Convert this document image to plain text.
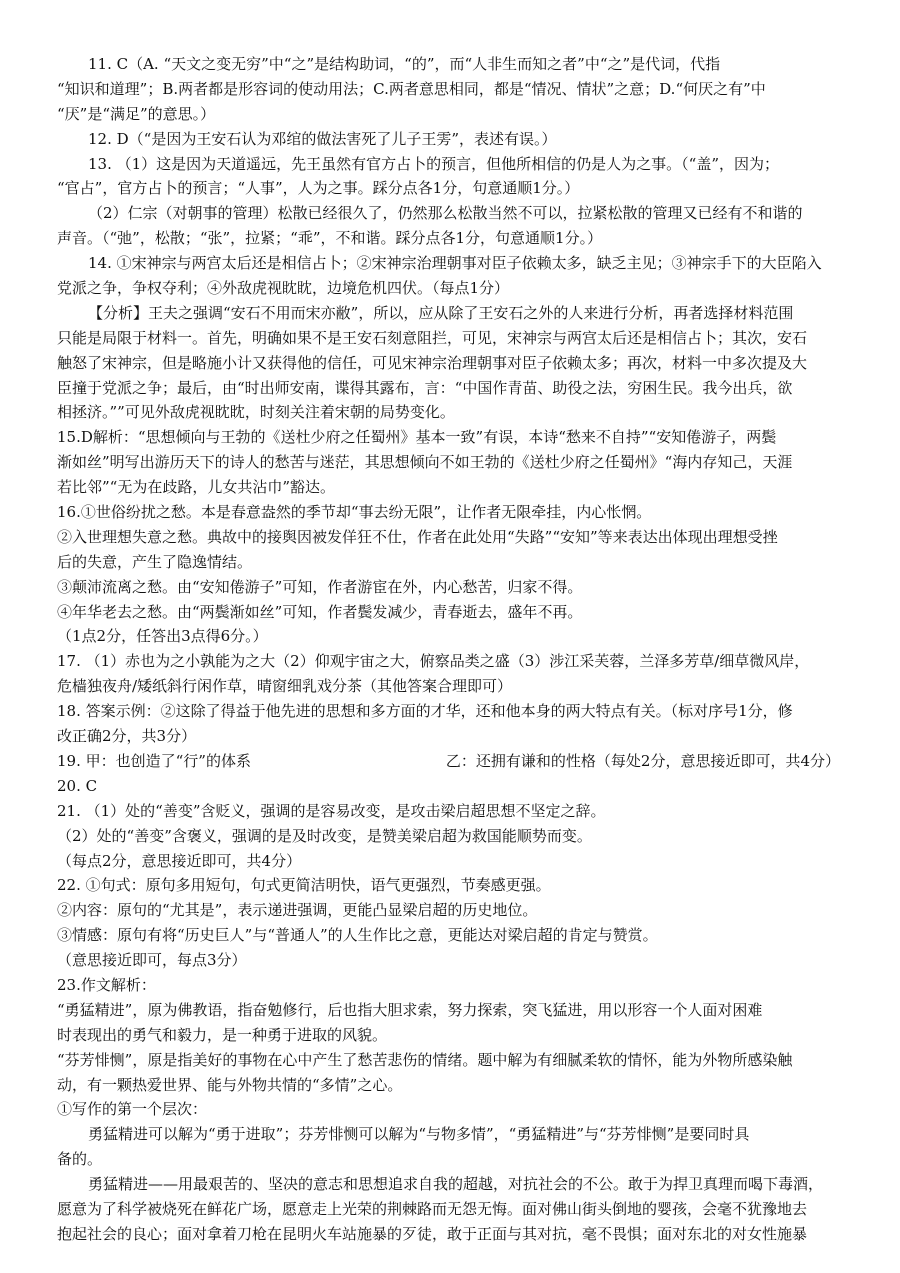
11. C（A. “天文之变无穷”中“之”是结构助词，“的”，而“人非生而知之者”中“之”是代词，代指
“知识和道理”；B.两者都是形容词的使动用法；C.两者意思相同，都是“情况、情状”之意；D.“何厌之有”中
“厌”是“满足”的意思。）
12. D（“是因为王安石认为邓绾的做法害死了儿子王雱”，表述有误。）
13. （1）这是因为天道遥远，先王虽然有官方占卜的预言，但他所相信的仍是人为之事。（“盖”，因为；
“官占”，官方占卜的预言；“人事”，人为之事。踩分点各1分，句意通顺1分。）
（2）仁宗（对朝事的管理）松散已经很久了，仍然那么松散当然不可以，拉紧松散的管理又已经有不和谐的
声音。（“弛”，松散；“张”，拉紧；“乖”，不和谐。踩分点各1分，句意通顺1分。）
14. ①宋神宗与两宫太后还是相信占卜；②宋神宗治理朝事对臣子依赖太多，缺乏主见；③神宗手下的大臣陷入
党派之争，争权夺利；④外敌虎视眈眈，边境危机四伏。（每点1分）
【分析】王夫之强调“安石不用而宋亦敝”，所以，应从除了王安石之外的人来进行分析，再者选择材料范围
只能是局限于材料一。首先，明确如果不是王安石刻意阻拦，可见，宋神宗与两宫太后还是相信占卜；其次，安石
触怒了宋神宗，但是略施小计又获得他的信任，可见宋神宗治理朝事对臣子依赖太多；再次，材料一中多次提及大
臣撞于党派之争；最后，由“时出师安南，谍得其露布，言：“中国作青苗、助役之法，穷困生民。我今出兵，欲
相拯济。””可见外敌虎视眈眈，时刻关注着宋朝的局势变化。
15.D解析：“思想倾向与王勃的《送杜少府之任蜀州》基本一致”有误，本诗“愁来不自持”“安知倦游子，两鬓
渐如丝”明写出游历天下的诗人的愁苦与迷茫，其思想倾向不如王勃的《送杜少府之任蜀州》“海内存知己，天涯
若比邻”“无为在歧路，儿女共沾巾”豁达。
16.①世俗纷扰之愁。本是春意盎然的季节却“事去纷无限”，让作者无限牵挂，内心怅惘。
②入世理想失意之愁。典故中的接舆因被发佯狂不仕，作者在此处用“失路”“安知”等来表达出体现出理想受挫
后的失意，产生了隐逸情结。
③颠沛流离之愁。由“安知倦游子”可知，作者游宦在外，内心愁苦，归家不得。
④年华老去之愁。由“两鬓渐如丝”可知，作者鬓发减少，青春逝去，盛年不再。
（1点2分，任答出3点得6分。）
17. （1）赤也为之小孰能为之大（2）仰观宇宙之大，俯察品类之盛（3）涉江采芙蓉，兰泽多芳草/细草微风岸，
危樯独夜舟/矮纸斜行闲作草，晴窗细乳戏分茶（其他答案合理即可）
18. 答案示例：②这除了得益于他先进的思想和多方面的才华，还和他本身的两大特点有关。（标对序号1分，修
改正确2分，共3分）
19. 甲：也创造了“行”的体系	乙：还拥有谦和的性格（每处2分，意思接近即可，共4分）
20. C
21. （1）处的“善变”含贬义，强调的是容易改变，是攻击梁启超思想不坚定之辞。
（2）处的“善变”含褒义，强调的是及时改变，是赞美梁启超为救国能顺势而变。
（每点2分，意思接近即可，共4分）
22. ①句式：原句多用短句，句式更简洁明快，语气更强烈，节奏感更强。
②内容：原句的“尤其是”，表示递进强调，更能凸显梁启超的历史地位。
③情感：原句有将“历史巨人”与“普通人”的人生作比之意，更能达对梁启超的肯定与赞赏。
（意思接近即可，每点3分）
23.作文解析：
“勇猛精进”，原为佛教语，指奋勉修行，后也指大胆求索，努力探索，突飞猛进，用以形容一个人面对困难
时表现出的勇气和毅力，是一种勇于进取的风貌。
“芬芳悱恻”，原是指美好的事物在心中产生了愁苦悲伤的情绪。题中解为有细腻柔软的情怀，能为外物所感染触
动，有一颗热爱世界、能与外物共情的“多情”之心。
①写作的第一个层次：
勇猛精进可以解为“勇于进取”；芬芳悱恻可以解为“与物多情”，“勇猛精进”与“芬芳悱恻”是要同时具
备的。
勇猛精进——用最艰苦的、坚决的意志和思想追求自我的超越，对抗社会的不公。敢于为捍卫真理而喝下毒酒，
愿意为了科学被烧死在鲜花广场，愿意走上光荣的荆棘路而无怨无悔。面对佛山街头倒地的婴孩，会毫不犹豫地去
抱起社会的良心；面对拿着刀枪在昆明火车站施暴的歹徒，敢于正面与其对抗，毫不畏惧；面对东北的对女性施暴
